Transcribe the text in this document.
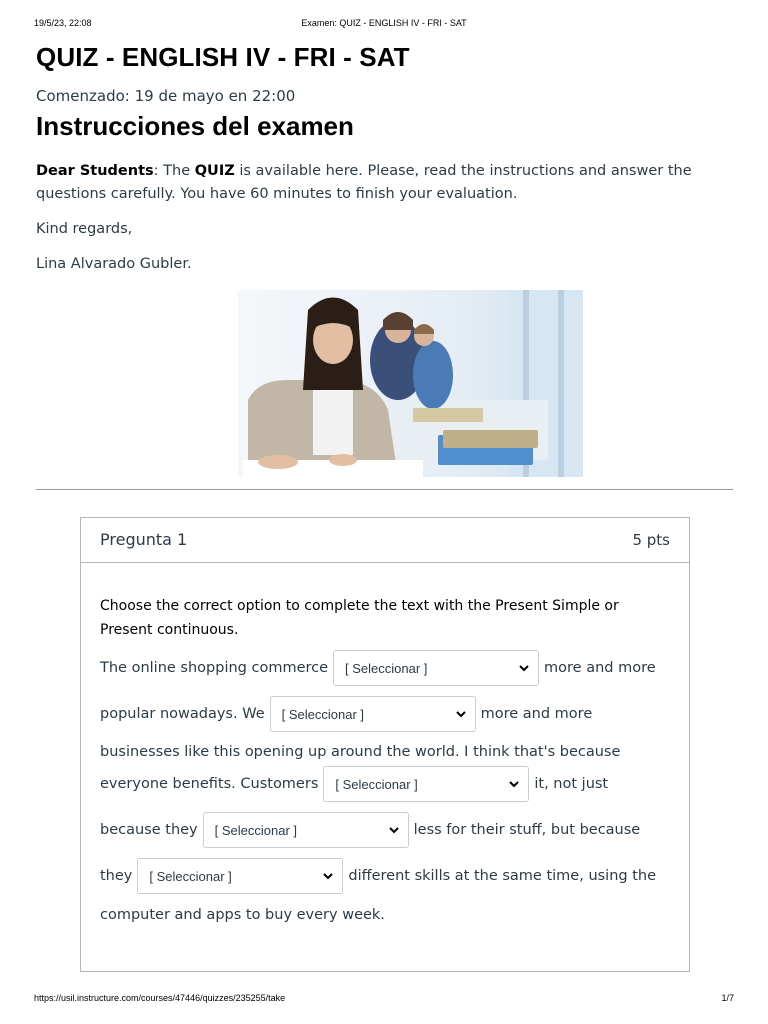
19/5/23, 22:08	Examen: QUIZ - ENGLISH IV - FRI - SAT
QUIZ - ENGLISH IV - FRI - SAT
Comenzado: 19 de mayo en 22:00
Instrucciones del examen

Dear Students: The QUIZ is available here. Please, read the instructions and answer the questions carefully. You have 60 minutes to finish your evaluation.

Kind regards,

Lina Alvarado Gubler.

Pregunta 1	5 pts
Choose the correct option to complete the text with the Present Simple or Present continuous.
The online shopping commerce [ Seleccionar ]	more and more
popular nowadays. We [ Seleccionar ]	more and more
businesses like this opening up around the world. I think that's because
everyone benefits. Customers [ Seleccionar ]	it, not just
because they [ Seleccionar ]	less for their stuff, but because
they [ Seleccionar ]	different skills at the same time, using the
computer and apps to buy every week.
https://usil.instructure.com/courses/47446/quizzes/235255/take	1/7
